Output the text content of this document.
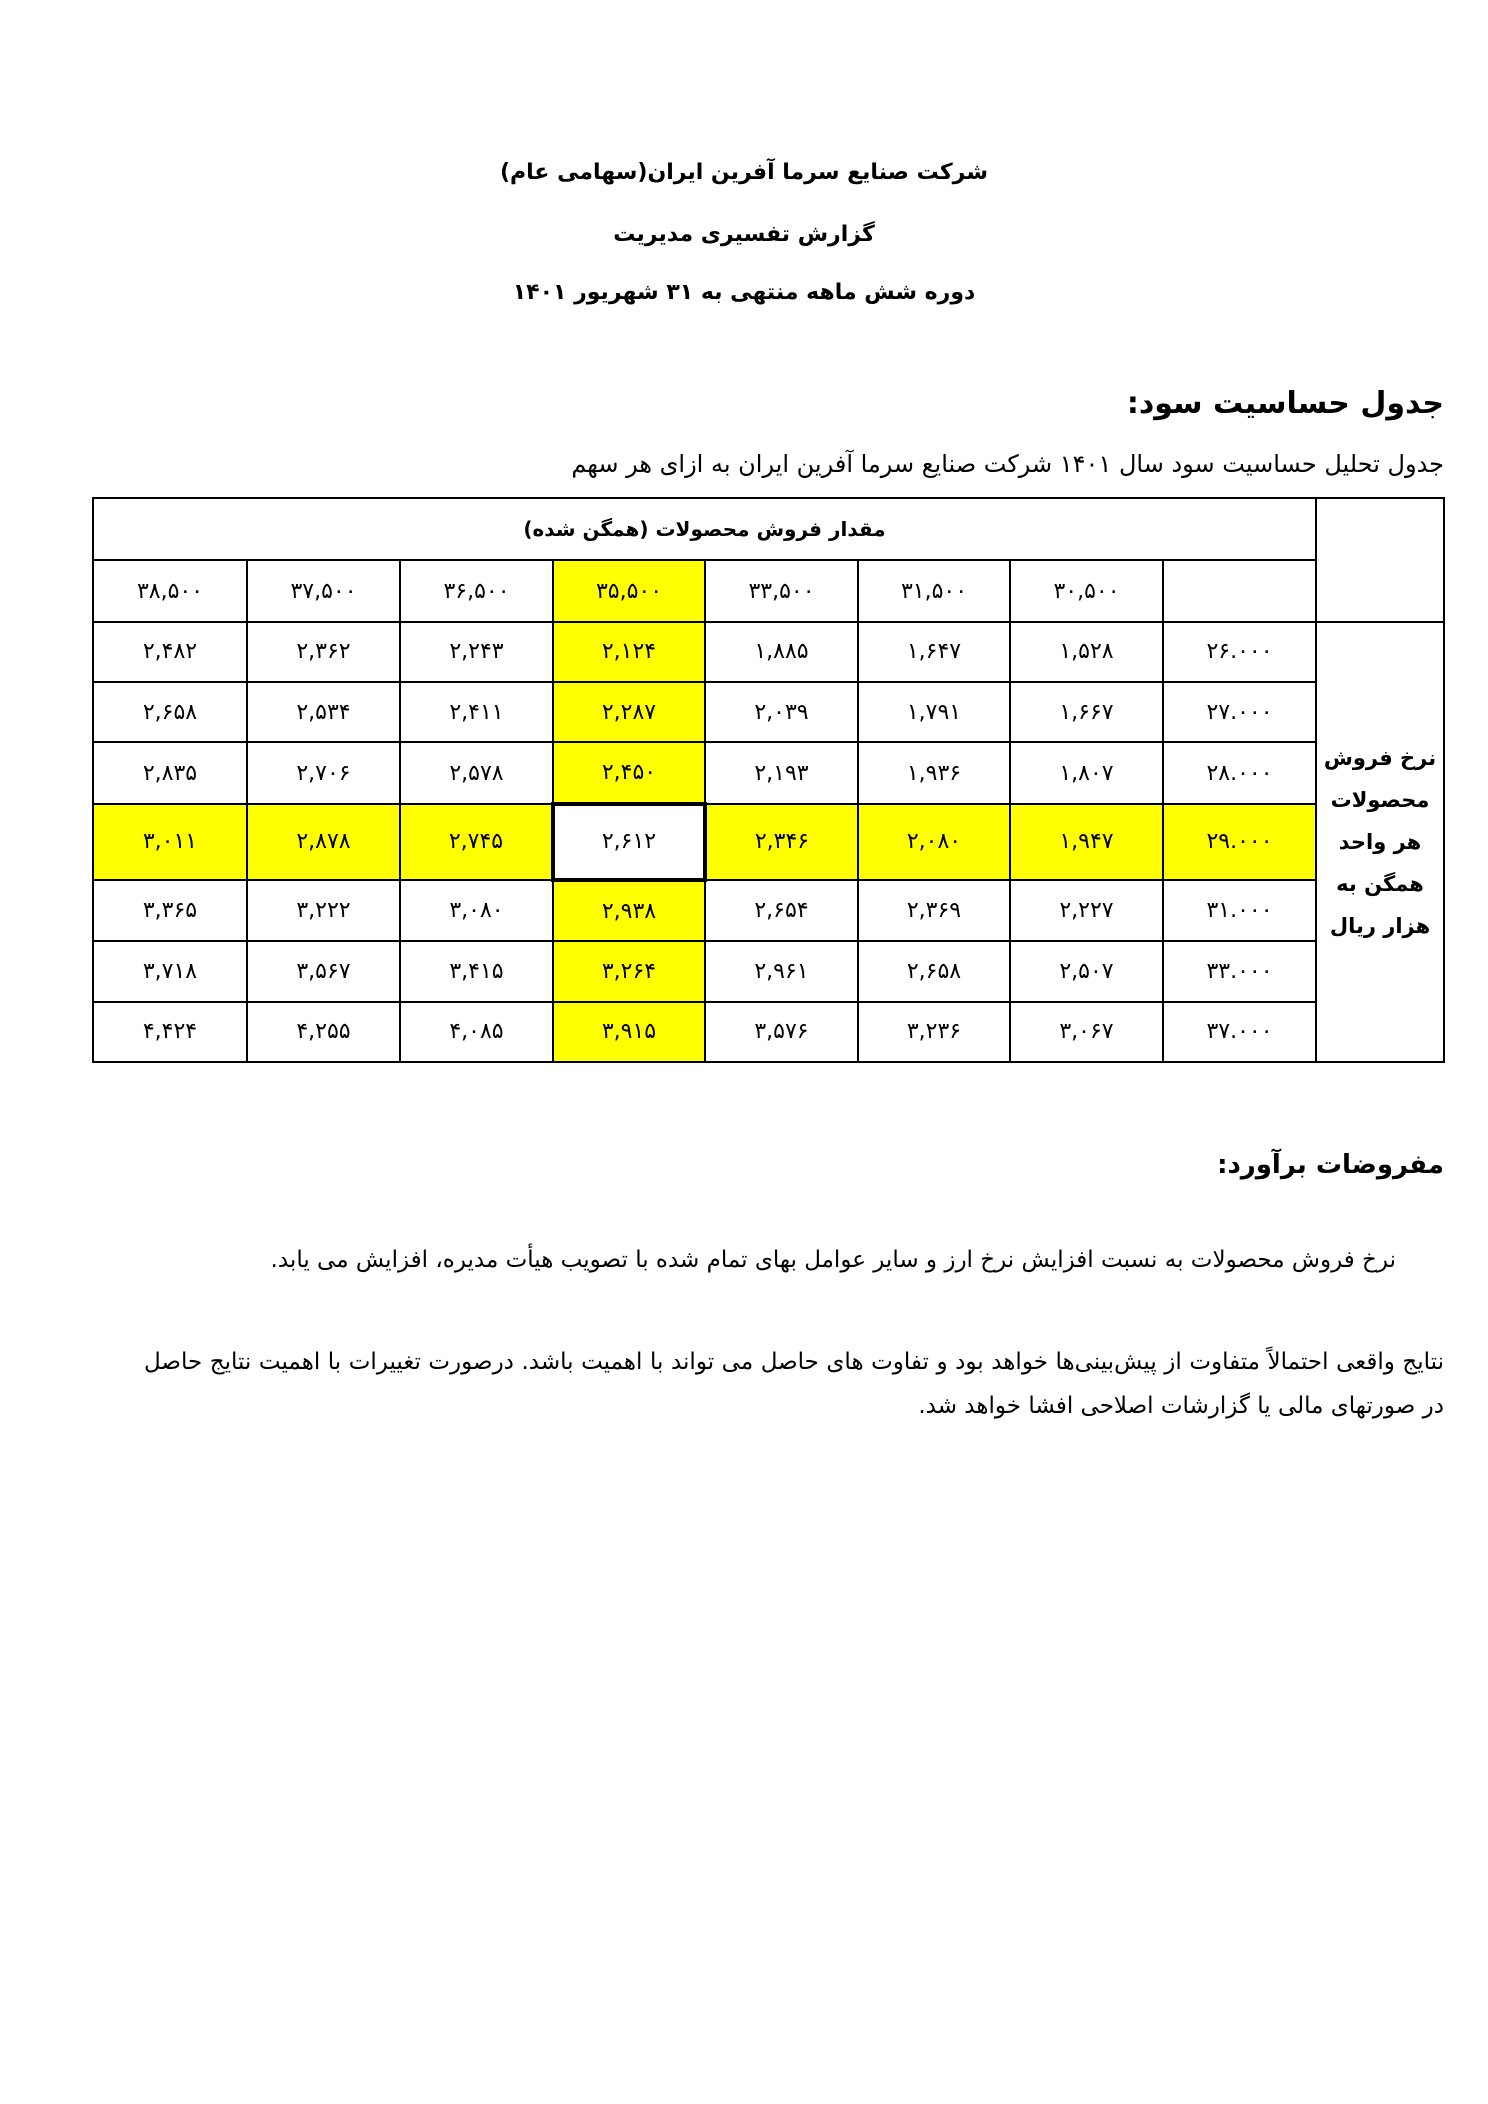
شرکت صنایع سرما آفرین ایران(سهامی عام)
گزارش تفسیری مدیریت
دوره شش ماهه منتهی به ۳۱ شهریور ۱۴۰۱
جدول حساسیت سود:
جدول تحلیل حساسیت سود سال ۱۴۰۱ شرکت صنایع سرما آفرین ایران به ازای هر سهم
	مقدار فروش محصولات (همگن شده)							
		۳۰,۵۰۰	۳۱,۵۰۰	۳۳,۵۰۰	۳۵,۵۰۰	۳۶,۵۰۰	۳۷,۵۰۰	۳۸,۵۰۰
نرخ فروش محصولات هر واحد همگن به هزار ریال	۲۶.۰۰۰	۱,۵۲۸	۱,۶۴۷	۱,۸۸۵	۲,۱۲۴	۲,۲۴۳	۲,۳۶۲	۲,۴۸۲
	۲۷.۰۰۰	۱,۶۶۷	۱,۷۹۱	۲,۰۳۹	۲,۲۸۷	۲,۴۱۱	۲,۵۳۴	۲,۶۵۸
	۲۸.۰۰۰	۱,۸۰۷	۱,۹۳۶	۲,۱۹۳	۲,۴۵۰	۲,۵۷۸	۲,۷۰۶	۲,۸۳۵
	۲۹.۰۰۰	۱,۹۴۷	۲,۰۸۰	۲,۳۴۶	۲,۶۱۲	۲,۷۴۵	۲,۸۷۸	۳,۰۱۱
	۳۱.۰۰۰	۲,۲۲۷	۲,۳۶۹	۲,۶۵۴	۲,۹۳۸	۳,۰۸۰	۳,۲۲۲	۳,۳۶۵
	۳۳.۰۰۰	۲,۵۰۷	۲,۶۵۸	۲,۹۶۱	۳,۲۶۴	۳,۴۱۵	۳,۵۶۷	۳,۷۱۸
	۳۷.۰۰۰	۳,۰۶۷	۳,۲۳۶	۳,۵۷۶	۳,۹۱۵	۴,۰۸۵	۴,۲۵۵	۴,۴۲۴
مفروضات برآورد:
نرخ فروش محصولات به نسبت افزایش نرخ ارز و سایر عوامل بهای تمام شده با تصویب هیأت مدیره، افزایش می یابد.
نتایج واقعی احتمالاً متفاوت از پیش‌بینی‌ها خواهد بود و تفاوت های حاصل می تواند با اهمیت باشد. درصورت تغییرات با اهمیت نتایج حاصل در صورتهای مالی یا گزارشات اصلاحی افشا خواهد شد.
